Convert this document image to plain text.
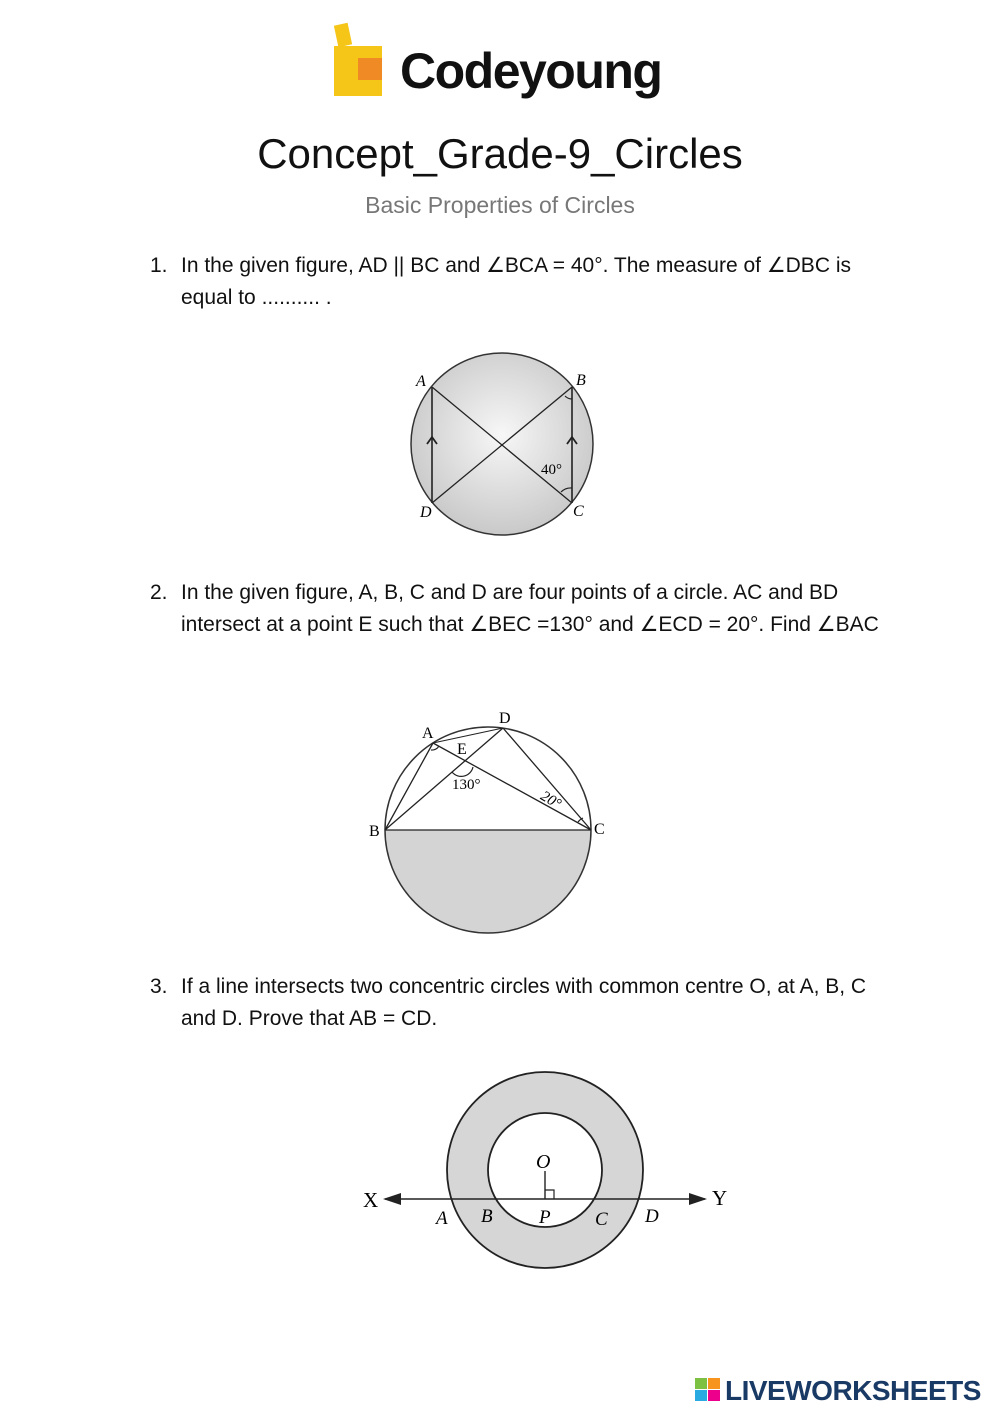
Codeyoung
Concept_Grade-9_Circles
Basic Properties of Circles
1. In the given figure, AD || BC and ∠BCA = 40°. The measure of ∠DBC is equal to .......... .
A	B
C
D
40°
2. In the given figure, A, B, C and D are four points of a circle. AC and BD intersect at a point E such that ∠BEC =130° and ∠ECD = 20°. Find ∠BAC
A
D
E
B	C
130°
20°
3. If a line intersects two concentric circles with common centre O, at A, B, C and D. Prove that AB = CD.
O
X	Y
A B P C D
LIVEWORKSHEETS
